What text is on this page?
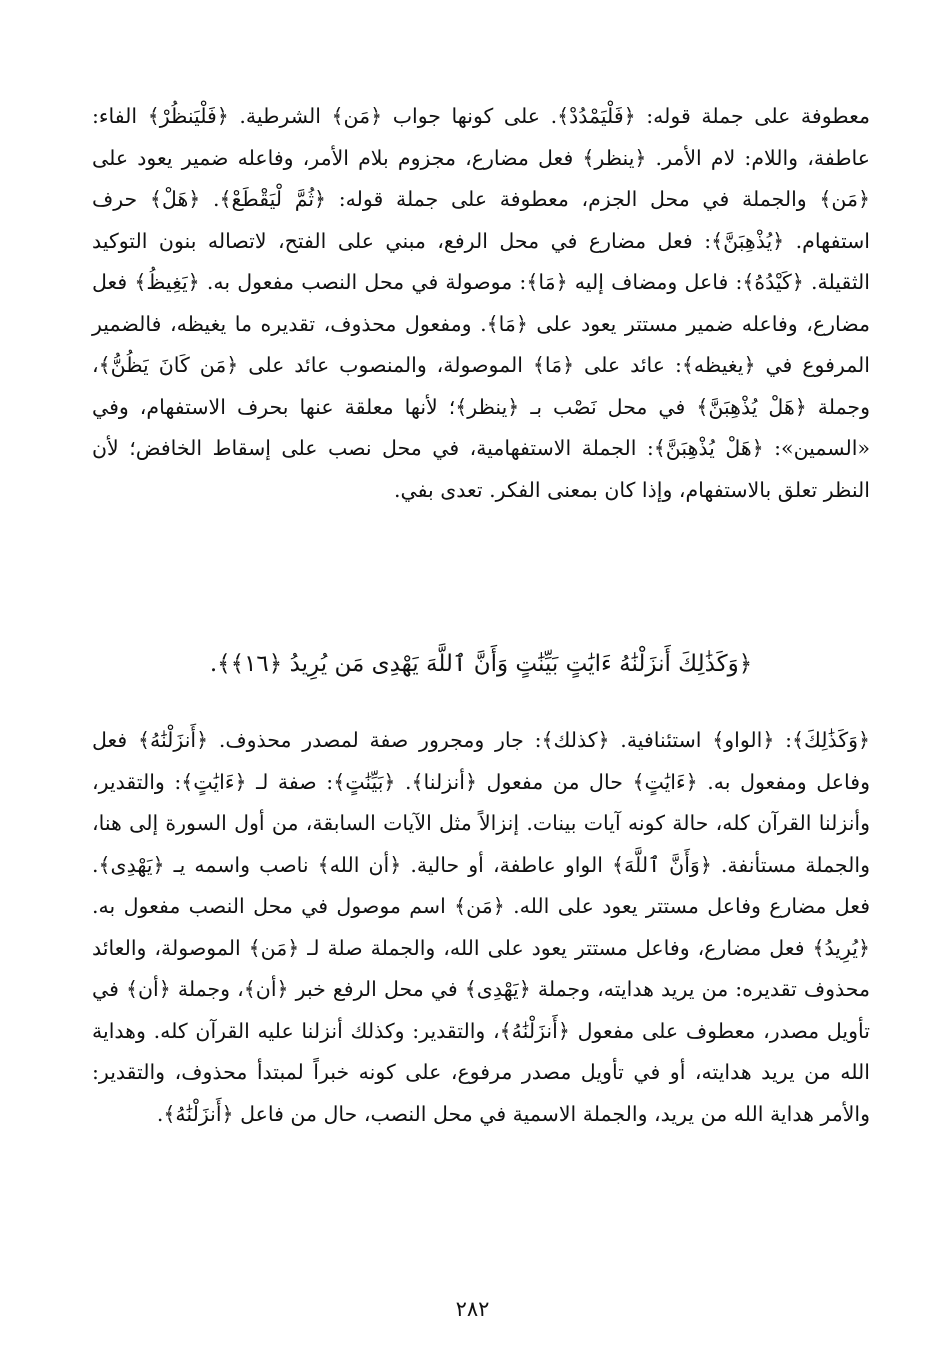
معطوفة على جملة قوله: ﴿فَلْيَمْدُدْ﴾. على كونها جواب ﴿مَن﴾ الشرطية. ﴿فَلْيَنظُرْ﴾ الفاء: عاطفة، واللام: لام الأمر. ﴿ينظر﴾ فعل مضارع، مجزوم بلام الأمر، وفاعله ضمير يعود على ﴿مَن﴾ والجملة في محل الجزم، معطوفة على جملة قوله: ﴿ثُمَّ لْيَقْطَعْ﴾. ﴿هَلْ﴾ حرف استفهام. ﴿يُذْهِبَنَّ﴾: فعل مضارع في محل الرفع، مبني على الفتح، لاتصاله بنون التوكيد الثقيلة. ﴿كَيْدُهُ﴾: فاعل ومضاف إليه ﴿مَا﴾: موصولة في محل النصب مفعول به. ﴿يَغِيظُ﴾ فعل مضارع، وفاعله ضمير مستتر يعود على ﴿مَا﴾. ومفعول محذوف، تقديره ما يغيظه، فالضمير المرفوع في ﴿يغيظه﴾: عائد على ﴿مَا﴾ الموصولة، والمنصوب عائد على ﴿مَن كَانَ يَظُنُّ﴾، وجملة ﴿هَلْ يُذْهِبَنَّ﴾ في محل نَصْب بـ ﴿ينظر﴾؛ لأنها معلقة عنها بحرف الاستفهام، وفي «السمين»: ﴿هَلْ يُذْهِبَنَّ﴾: الجملة الاستفهامية، في محل نصب على إسقاط الخافض؛ لأن النظر تعلق بالاستفهام، وإذا كان بمعنى الفكر. تعدى بفي.

﴿وَكَذَٰلِكَ أَنزَلْنَٰهُ ءَايَٰتٍ بَيِّنَٰتٍ وَأَنَّ ٱللَّهَ يَهْدِى مَن يُرِيدُ ﴿١٦﴾﴾.

﴿وَكَذَٰلِكَ﴾: ﴿الواو﴾ استئنافية. ﴿كذلك﴾: جار ومجرور صفة لمصدر محذوف. ﴿أَنزَلْنَٰهُ﴾ فعل وفاعل ومفعول به. ﴿ءَايَٰتٍ﴾ حال من مفعول ﴿أنزلنا﴾. ﴿بَيِّنَٰتٍ﴾: صفة لـ ﴿ءَايَٰتٍ﴾: والتقدير، وأنزلنا القرآن كله، حالة كونه آيات بينات. إنزالاً مثل الآيات السابقة، من أول السورة إلى هنا، والجملة مستأنفة. ﴿وَأَنَّ ٱللَّهَ﴾ الواو عاطفة، أو حالية. ﴿أن الله﴾ ناصب واسمه يـ ﴿يَهْدِى﴾. فعل مضارع وفاعل مستتر يعود على الله. ﴿مَن﴾ اسم موصول في محل النصب مفعول به. ﴿يُرِيدُ﴾ فعل مضارع، وفاعل مستتر يعود على الله، والجملة صلة لـ ﴿مَن﴾ الموصولة، والعائد محذوف تقديره: من يريد هدايته، وجملة ﴿يَهْدِى﴾ في محل الرفع خبر ﴿أن﴾، وجملة ﴿أن﴾ في تأويل مصدر، معطوف على مفعول ﴿أَنزَلْنَٰهُ﴾، والتقدير: وكذلك أنزلنا عليه القرآن كله. وهداية الله من يريد هدايته، أو في تأويل مصدر مرفوع، على كونه خبراً لمبتدأ محذوف، والتقدير: والأمر هداية الله من يريد، والجملة الاسمية في محل النصب، حال من فاعل ﴿أَنزَلْنَٰهُ﴾.

٢٨٢
